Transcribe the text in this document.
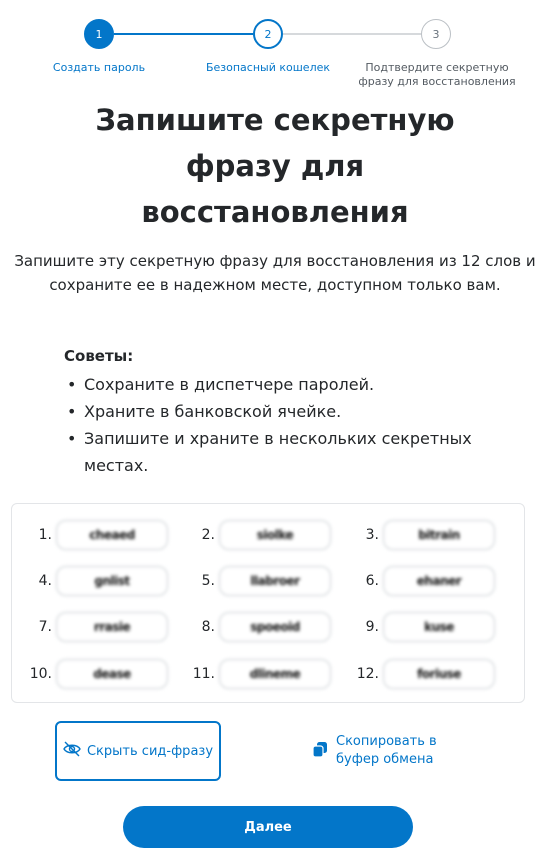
1	2	3
Создать пароль	Безопасный кошелек	Подтвердите секретную фразу для восстановления
Запишите секретную фразу для восстановления

Запишите эту секретную фразу для восстановления из 12 слов и сохраните ее в надежном месте, доступном только вам.

Советы:

• Сохраните в диспетчере паролей.
• Храните в банковской ячейке.
• Запишите и храните в нескольких секретных местах.
1.	cheaed	2.	siolke	3.	bitrain
4.	gnlist	5.	llabroer	6.	ehaner
7.	rrasie	8.	spoeoid	9.	kuse
10.	dease	11.	dlineme	12.	foriuse
Скрыть сид-фразу
Скопировать в
буфер обмена
Далее
